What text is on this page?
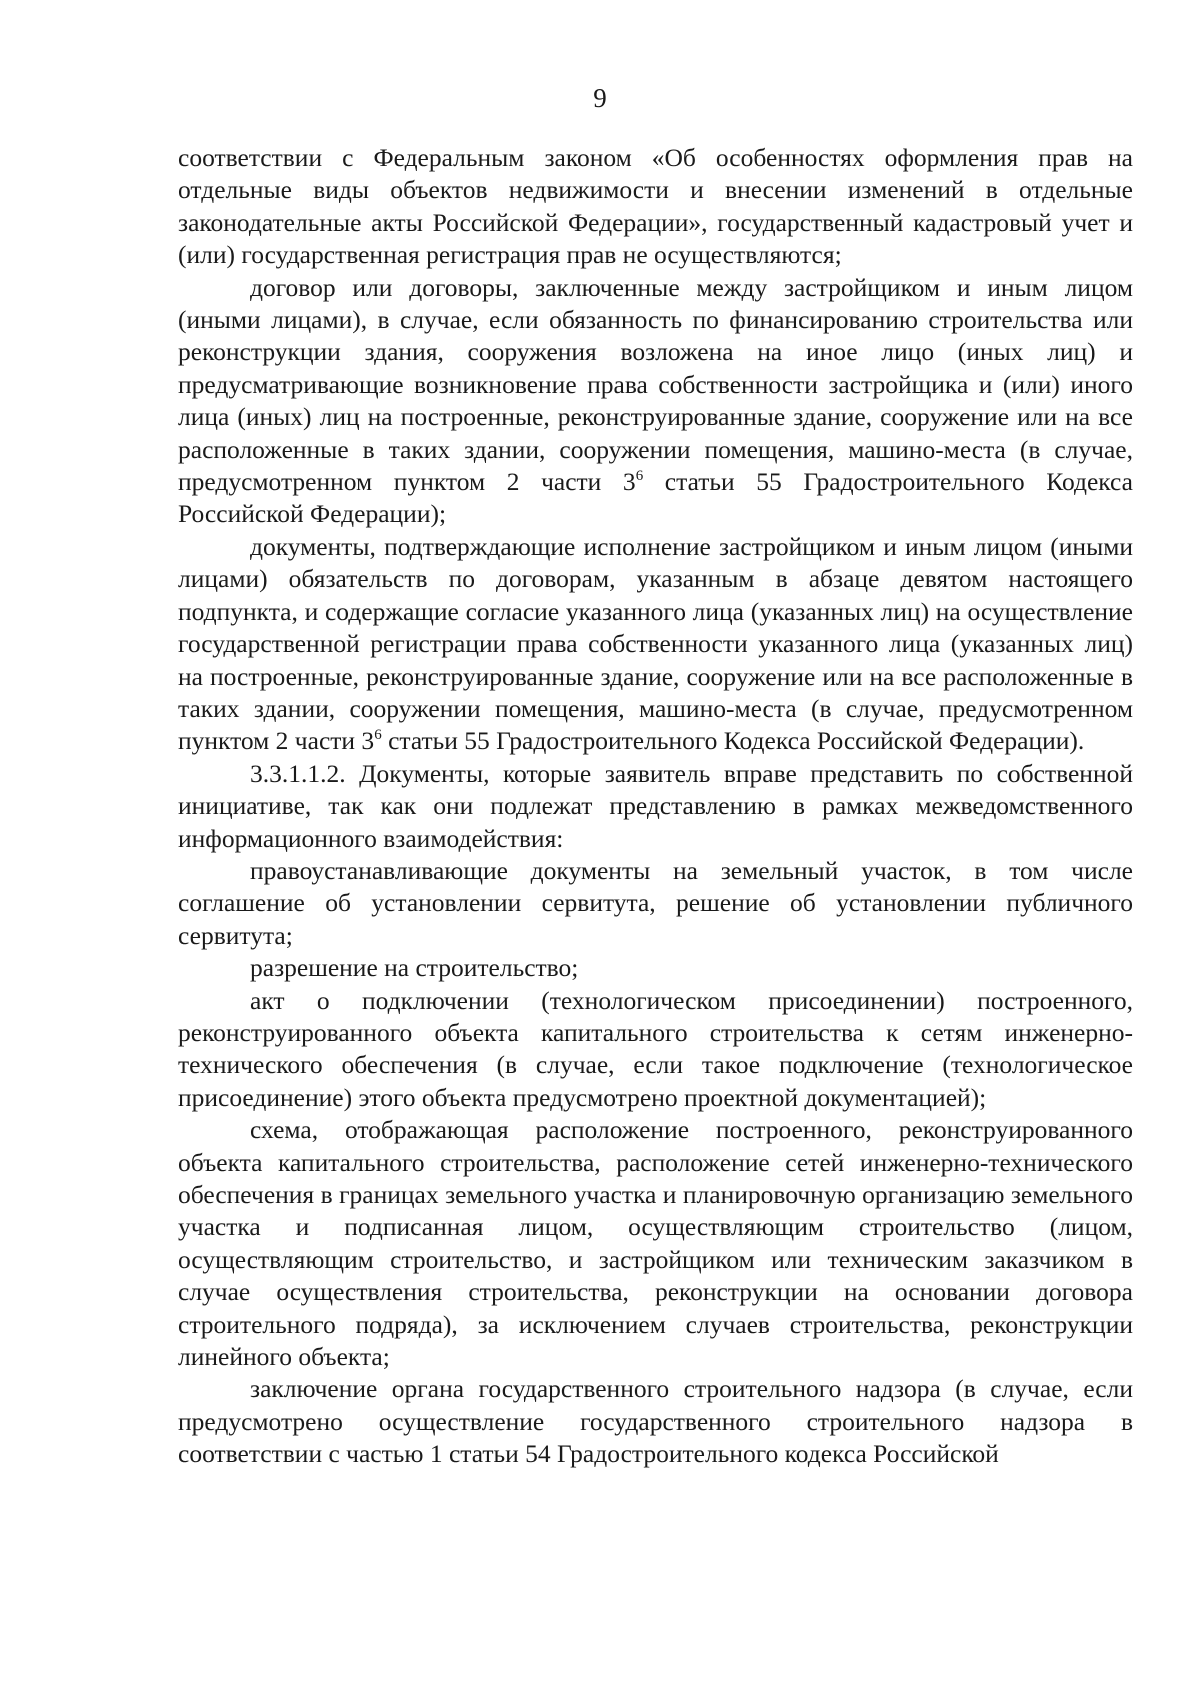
9

соответствии с Федеральным законом «Об особенностях оформления прав на отдельные виды объектов недвижимости и внесении изменений в отдельные законодательные акты Российской Федерации», государственный кадастровый учет и (или) государственная регистрация прав не осуществляются;

договор или договоры, заключенные между застройщиком и иным лицом (иными лицами), в случае, если обязанность по финансированию строительства или реконструкции здания, сооружения возложена на иное лицо (иных лиц) и предусматривающие возникновение права собственности застройщика и (или) иного лица (иных) лиц на построенные, реконструированные здание, сооружение или на все расположенные в таких здании, сооружении помещения, машино-места (в случае, предусмотренном пунктом 2 части $3^6$ статьи 55 Градостроительного Кодекса Российской Федерации);

документы, подтверждающие исполнение застройщиком и иным лицом (иными лицами) обязательств по договорам, указанным в абзаце девятом настоящего подпункта, и содержащие согласие указанного лица (указанных лиц) на осуществление государственной регистрации права собственности указанного лица (указанных лиц) на построенные, реконструированные здание, сооружение или на все расположенные в таких здании, сооружении помещения, машино-места (в случае, предусмотренном пунктом 2 части $3^6$ статьи 55 Градостроительного Кодекса Российской Федерации).

3.3.1.1.2. Документы, которые заявитель вправе представить по собственной инициативе, так как они подлежат представлению в рамках межведомственного информационного взаимодействия:

правоустанавливающие документы на земельный участок, в том числе соглашение об установлении сервитута, решение об установлении публичного сервитута;

разрешение на строительство;

акт о подключении (технологическом присоединении) построенного, реконструированного объекта капитального строительства к сетям инженерно-технического обеспечения (в случае, если такое подключение (технологическое присоединение) этого объекта предусмотрено проектной документацией);

схема, отображающая расположение построенного, реконструированного объекта капитального строительства, расположение сетей инженерно-технического обеспечения в границах земельного участка и планировочную организацию земельного участка и подписанная лицом, осуществляющим строительство (лицом, осуществляющим строительство, и застройщиком или техническим заказчиком в случае осуществления строительства, реконструкции на основании договора строительного подряда), за исключением случаев строительства, реконструкции линейного объекта;

заключение органа государственного строительного надзора (в случае, если предусмотрено осуществление государственного строительного надзора в соответствии с частью 1 статьи 54 Градостроительного кодекса Российской
